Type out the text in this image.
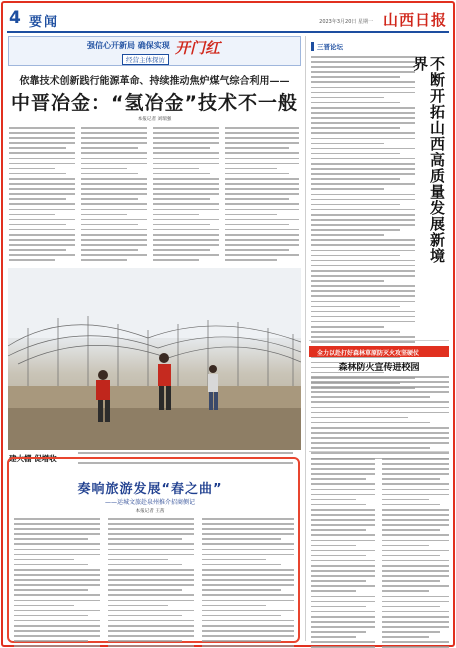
4 要闻	2023年3月20日 星期一 山西日报
强信心开新局 确保实现 开门红
经营主体探访
依靠技术创新践行能源革命、持续推动焦炉煤气综合利用——
中晋冶金：“氢冶金”技术不一般
本报记者 刘瑞强
建大棚 促增收
三晋论坛
不断开拓山西高质量发展新境界
全力以赴打好森林草原防灭火攻坚硬仗
森林防火宣传进校园
奏响旅游发展“春之曲”
——运城文旅赴泉州推介招商侧记
本报记者 王茜
